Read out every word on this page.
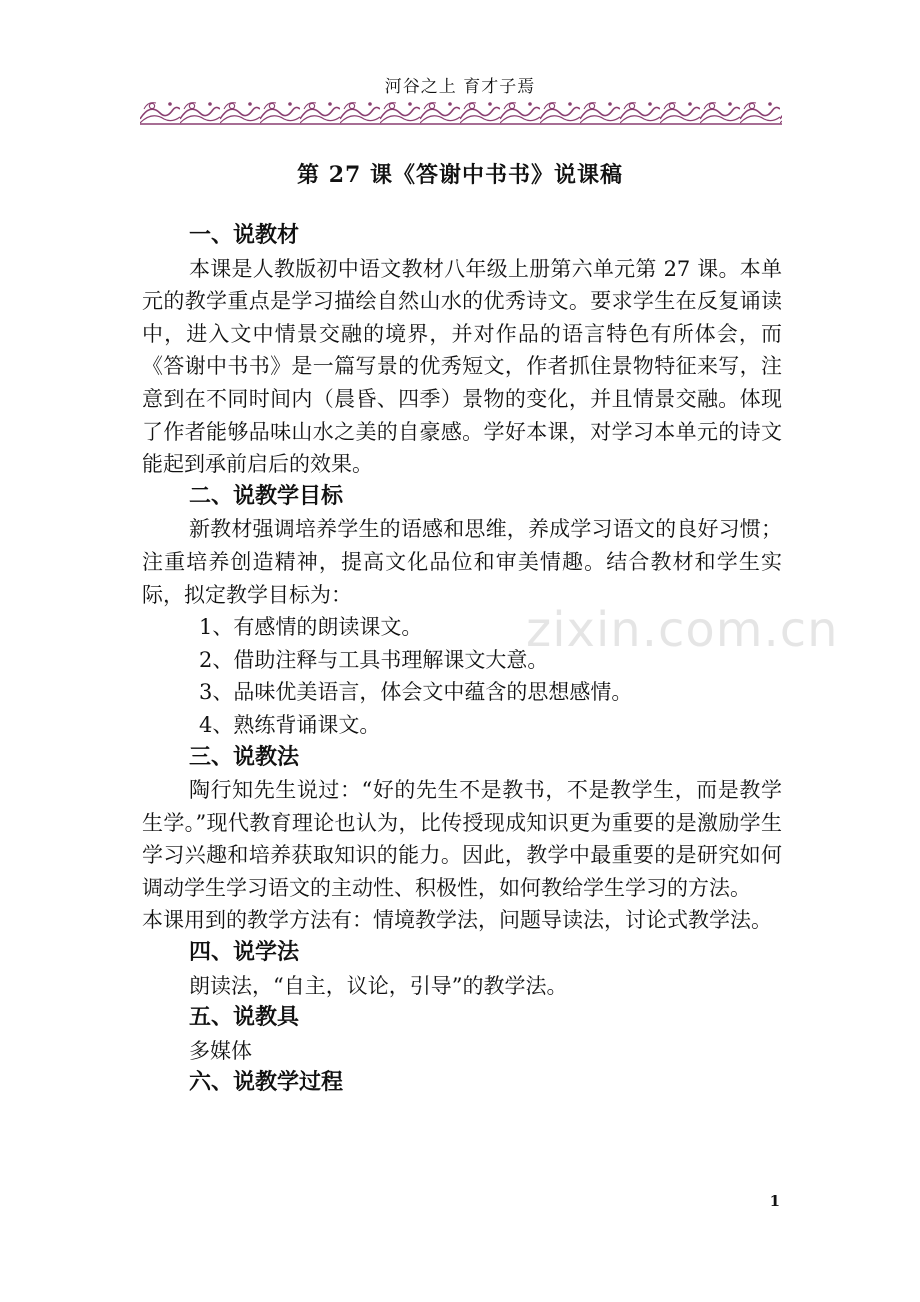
河谷之上 育才子焉
第 27 课《答谢中书书》说课稿

一、说教材

本课是人教版初中语文教材八年级上册第六单元第 27 课。本单元的教学重点是学习描绘自然山水的优秀诗文。要求学生在反复诵读中，进入文中情景交融的境界，并对作品的语言特色有所体会，而《答谢中书书》是一篇写景的优秀短文，作者抓住景物特征来写，注意到在不同时间内（晨昏、四季）景物的变化，并且情景交融。体现了作者能够品味山水之美的自豪感。学好本课，对学习本单元的诗文能起到承前启后的效果。

二、说教学目标

新教材强调培养学生的语感和思维，养成学习语文的良好习惯；注重培养创造精神，提高文化品位和审美情趣。结合教材和学生实际，拟定教学目标为：

1、有感情的朗读课文。

2、借助注释与工具书理解课文大意。

3、品味优美语言，体会文中蕴含的思想感情。

4、熟练背诵课文。

三、说教法

陶行知先生说过：“好的先生不是教书，不是教学生，而是教学生学。”现代教育理论也认为，比传授现成知识更为重要的是激励学生学习兴趣和培养获取知识的能力。因此，教学中最重要的是研究如何调动学生学习语文的主动性、积极性，如何教给学生学习的方法。

本课用到的教学方法有：情境教学法，问题导读法，讨论式教学法。

四、说学法

朗读法，“自主，议论，引导”的教学法。

五、说教具

多媒体

六、说教学过程

zixin.com.cn
1
